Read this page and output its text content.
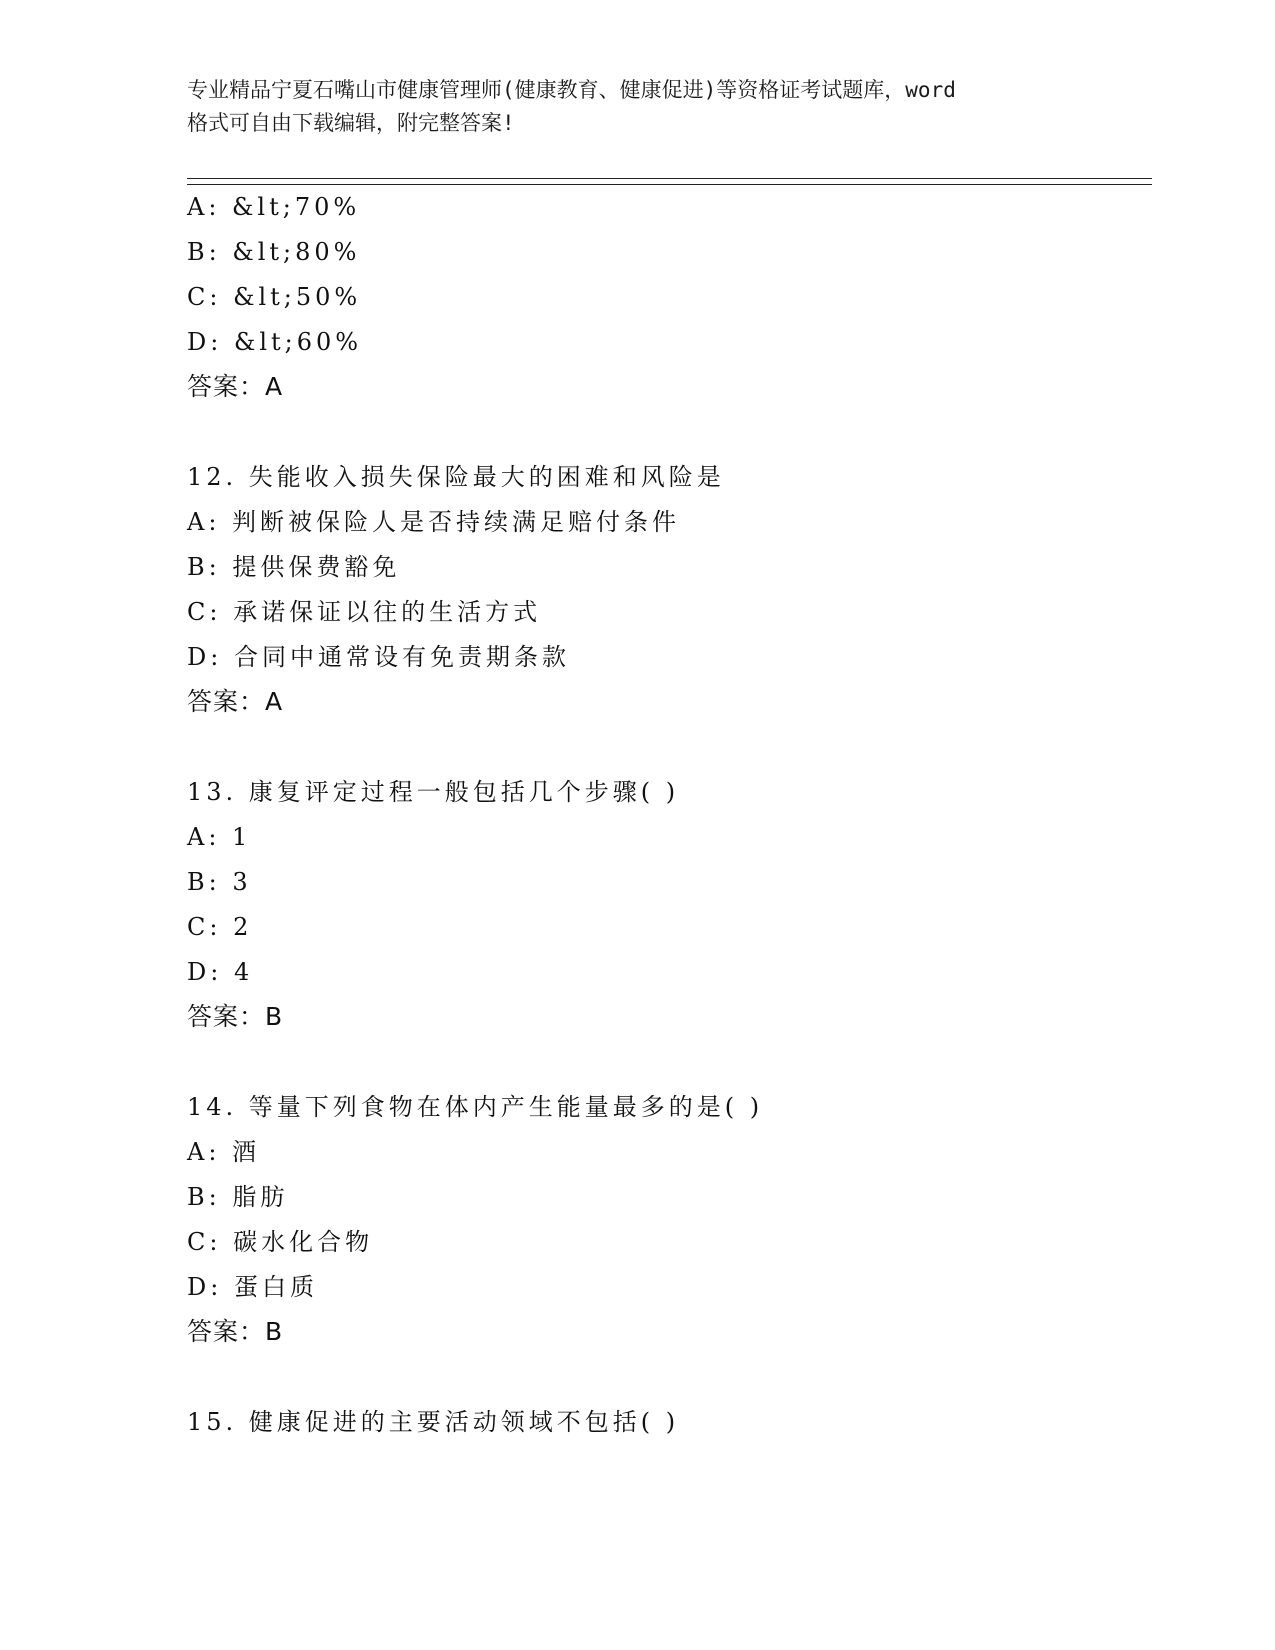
专业精品宁夏石嘴山市健康管理师(健康教育、健康促进)等资格证考试题库，word
格式可自由下载编辑，附完整答案!
A: &lt;70%
B: &lt;80%
C: &lt;50%
D: &lt;60%
答案：A
12. 失能收入损失保险最大的困难和风险是
A: 判断被保险人是否持续满足赔付条件
B: 提供保费豁免
C: 承诺保证以往的生活方式
D: 合同中通常设有免责期条款
答案：A
13. 康复评定过程一般包括几个步骤( )
A: 1
B: 3
C: 2
D: 4
答案：B
14. 等量下列食物在体内产生能量最多的是( )
A: 酒
B: 脂肪
C: 碳水化合物
D: 蛋白质
答案：B
15. 健康促进的主要活动领域不包括( )
